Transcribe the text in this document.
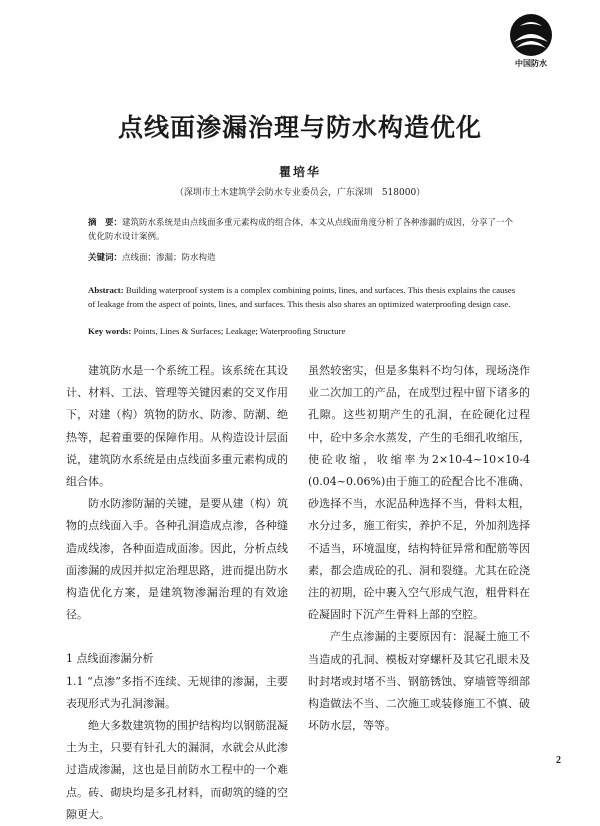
中国防水
点线面渗漏治理与防水构造优化
瞿培华
（深圳市土木建筑学会防水专业委员会，广东深圳　518000）
摘　要：建筑防水系统是由点线面多重元素构成的组合体，本文从点线面角度分析了各种渗漏的成因，分享了一个优化防水设计案例。
关键词：点线面；渗漏；防水构造
Abstract: Building waterproof system is a complex combining points, lines, and surfaces. This thesis explains the causes of leakage from the aspect of points, lines, and surfaces. This thesis also shares an optimized waterproofing design case.
Key words: Points, Lines & Surfaces; Leakage; Waterproofing Structure

建筑防水是一个系统工程。该系统在其设计、材料、工法、管理等关键因素的交叉作用下，对建（构）筑物的防水、防渗、防潮、绝热等，起着重要的保障作用。从构造设计层面说，建筑防水系统是由点线面多重元素构成的组合体。

防水防渗防漏的关键，是要从建（构）筑物的点线面入手。各种孔洞造成点渗，各种缝造成线渗，各种面造成面渗。因此，分析点线面渗漏的成因并拟定治理思路，进而提出防水构造优化方案，是建筑物渗漏治理的有效途径。

1 点线面渗漏分析

1.1 “点渗”多指不连续、无规律的渗漏，主要表现形式为孔洞渗漏。

绝大多数建筑物的围护结构均以钢筋混凝土为主，只要有针孔大的漏洞，水就会从此渗过造成渗漏，这也是目前防水工程中的一个难点。砖、砌块均是多孔材料，而砌筑的缝的空隙更大。

虽然较密实，但是多集料不均匀体，现场浇作业二次加工的产品，在成型过程中留下诸多的孔隙。这些初期产生的孔洞，在砼硬化过程中，砼中多余水蒸发，产生的毛细孔收缩压，使砼收缩，收缩率为2×10-4~10×10-4 (0.04~0.06%)由于施工的砼配合比不准确、砂选择不当，水泥品种选择不当，骨料太粗，水分过多，施工衔实，养护不足，外加剂选择不适当，环境温度，结构特征异常和配筋等因素，都会造成砼的孔、洞和裂缝。尤其在砼浇注的初期，砼中裹入空气形成气泡，粗骨料在砼凝固时下沉产生骨料上部的空腔。

产生点渗漏的主要原因有：混凝土施工不当造成的孔洞、模板对穿螺杆及其它孔眼未及时封堵或封堵不当、钢筋锈蚀、穿墙管等细部构造做法不当、二次施工或装修施工不慎、破坏防水层，等等。

2
